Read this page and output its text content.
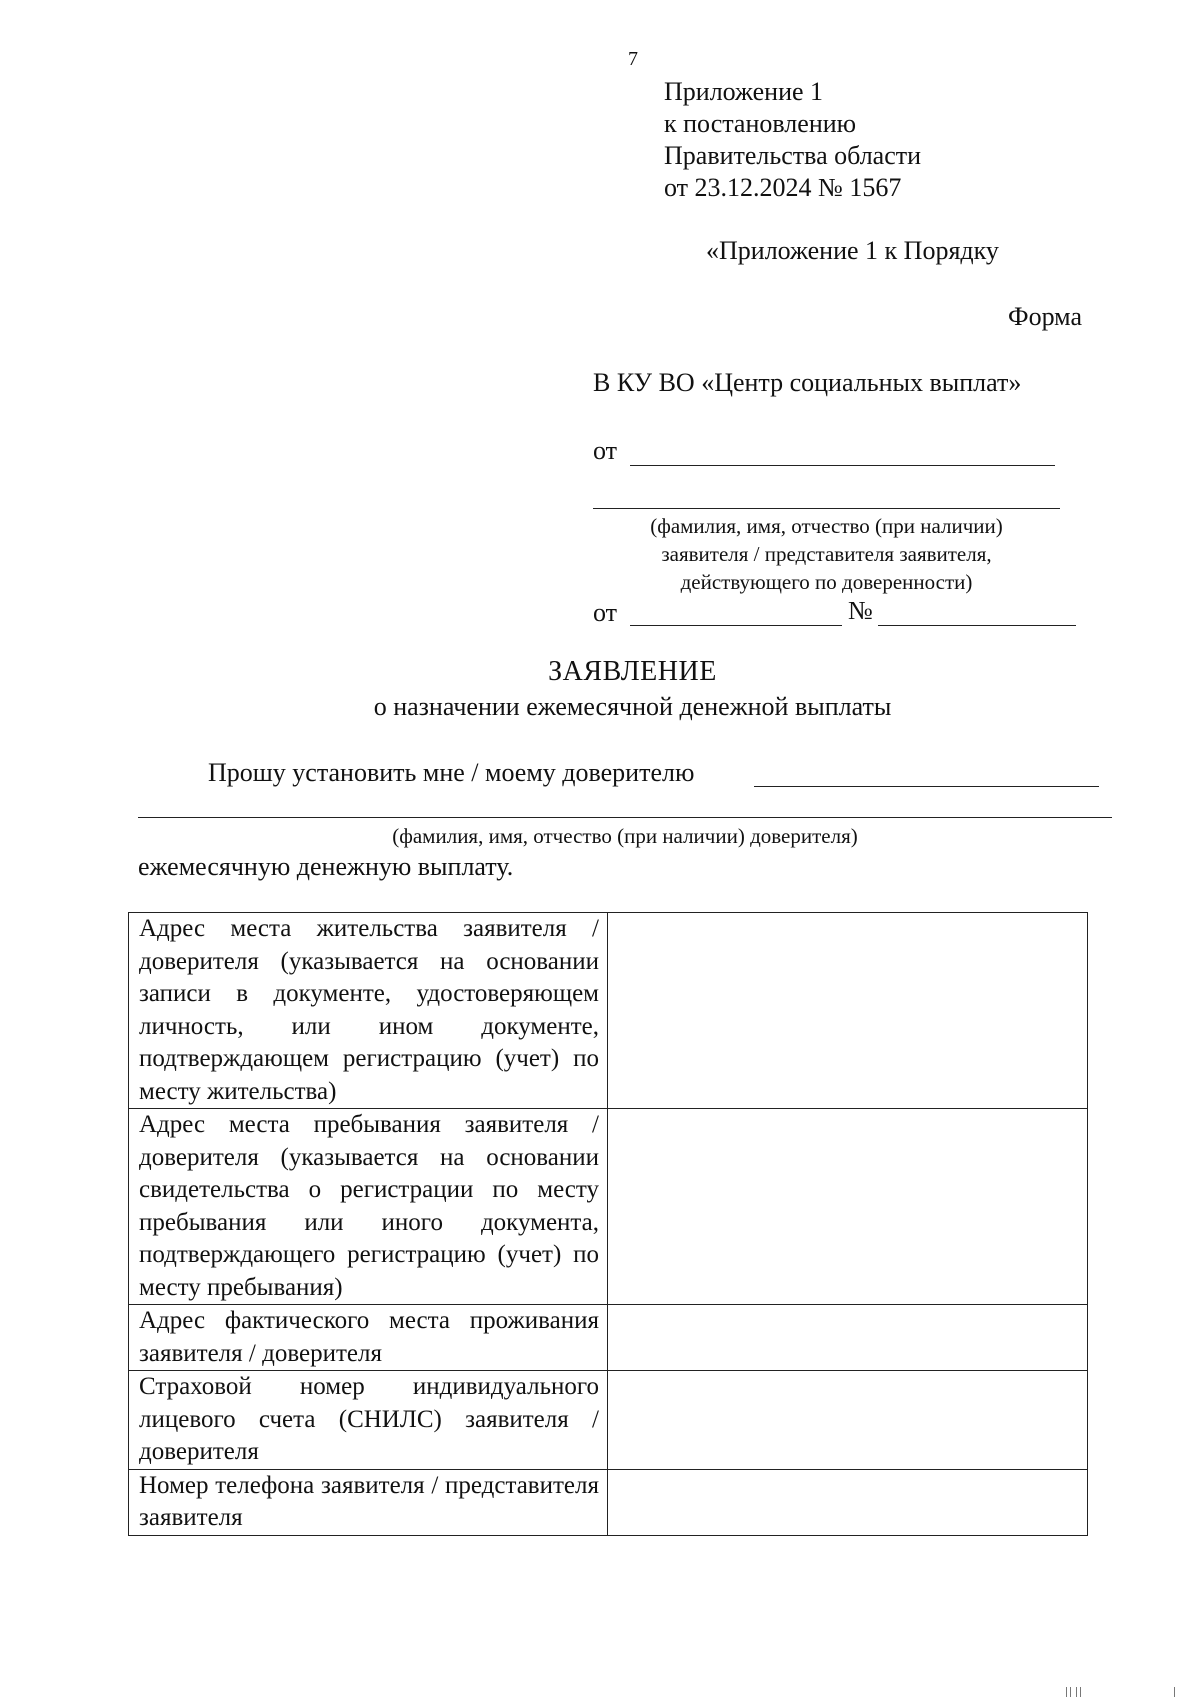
7
Приложение 1
к постановлению
Правительства области
от 23.12.2024 № 1567
«Приложение 1 к Порядку
Форма
В КУ ВО «Центр социальных выплат»
от
(фамилия, имя, отчество (при наличии)
заявителя / представителя заявителя,
действующего по доверенности)
от	№
ЗАЯВЛЕНИЕ
о назначении ежемесячной денежной выплаты
Прошу установить мне / моему доверителю
(фамилия, имя, отчество (при наличии) доверителя)
ежемесячную денежную выплату.
Адрес места жительства заявителя / доверителя (указывается на основании записи в документе, удостоверяющем личность, или ином документе, подтверждающем регистрацию (учет) по месту жительства)	
Адрес места пребывания заявителя / доверителя (указывается на основании свидетельства о регистрации по месту пребывания или иного документа, подтверждающего регистрацию (учет) по месту пребывания)	
Адрес фактического места проживания заявителя / доверителя	
Страховой номер индивидуального лицевого счета (СНИЛС) заявителя / доверителя	
Номер телефона заявителя / представителя заявителя	
